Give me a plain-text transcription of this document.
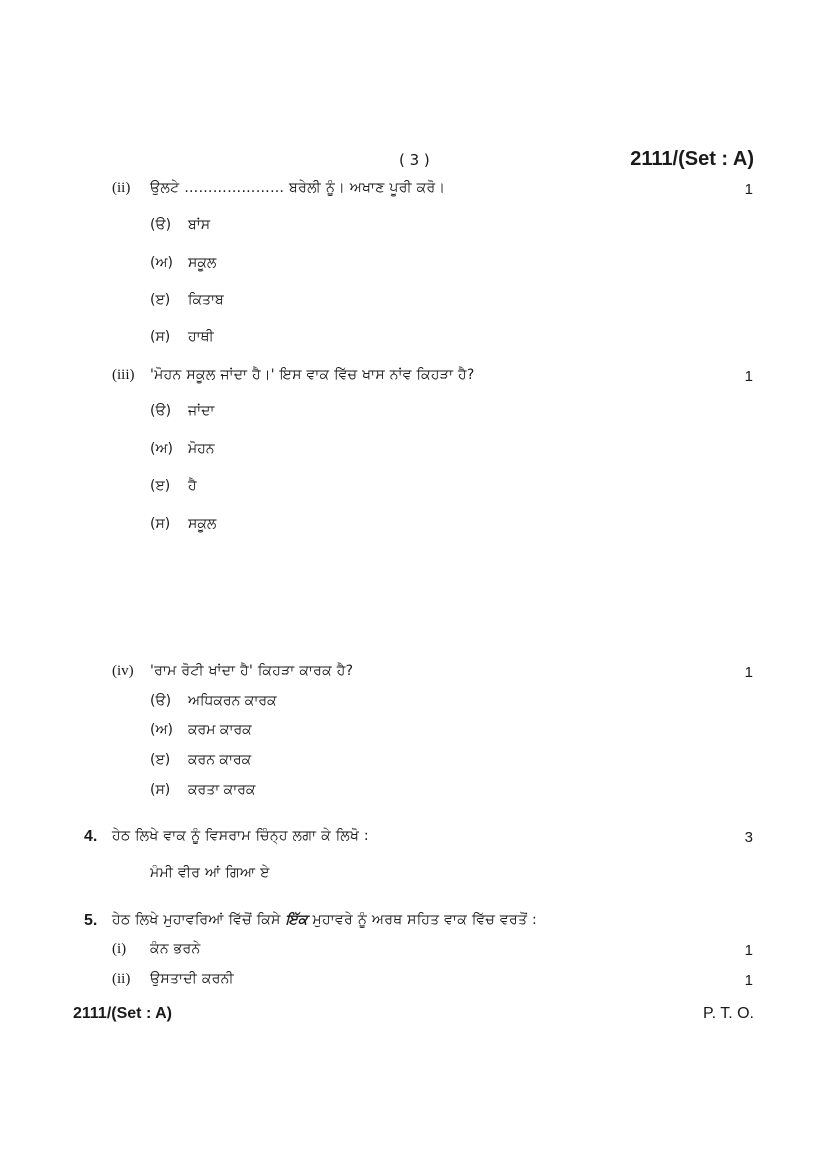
( 3 )	2111/(Set : A)
(ii) ਉਲਟੇ ………………… ਬਰੇਲੀ ਨੂੰ। ਅਖਾਣ ਪੂਰੀ ਕਰੋ।	1
(ੳ) ਬਾਂਸ
(ਅ) ਸਕੂਲ
(ੲ) ਕਿਤਾਬ
(ਸ) ਹਾਥੀ
(iii) 'ਮੋਹਨ ਸਕੂਲ ਜਾਂਦਾ ਹੈ।' ਇਸ ਵਾਕ ਵਿੱਚ ਖਾਸ ਨਾਂਵ ਕਿਹੜਾ ਹੈ?	1
(ੳ) ਜਾਂਦਾ
(ਅ) ਮੋਹਨ
(ੲ) ਹੈ
(ਸ) ਸਕੂਲ
(iv) 'ਰਾਮ ਰੋਟੀ ਖਾਂਦਾ ਹੈ' ਕਿਹੜਾ ਕਾਰਕ ਹੈ?	1
(ੳ) ਅਧਿਕਰਨ ਕਾਰਕ
(ਅ) ਕਰਮ ਕਾਰਕ
(ੲ) ਕਰਨ ਕਾਰਕ
(ਸ) ਕਰਤਾ ਕਾਰਕ
4. ਹੇਠ ਲਿਖੇ ਵਾਕ ਨੂੰ ਵਿਸਰਾਮ ਚਿੰਨ੍ਹ ਲਗਾ ਕੇ ਲਿਖੋ :	3
ਮੰਮੀ ਵੀਰ ਆਂ ਗਿਆ ਏ
5. ਹੇਠ ਲਿਖੇ ਮੁਹਾਵਰਿਆਂ ਵਿੱਚੋਂ ਕਿਸੇ ਇੱਕ ਮੁਹਾਵਰੇ ਨੂੰ ਅਰਥ ਸਹਿਤ ਵਾਕ ਵਿੱਚ ਵਰਤੋਂ :
(i) ਕੰਨ ਭਰਨੇ	1
(ii) ਉਸਤਾਦੀ ਕਰਨੀ	1
2111/(Set : A)	P. T. O.
